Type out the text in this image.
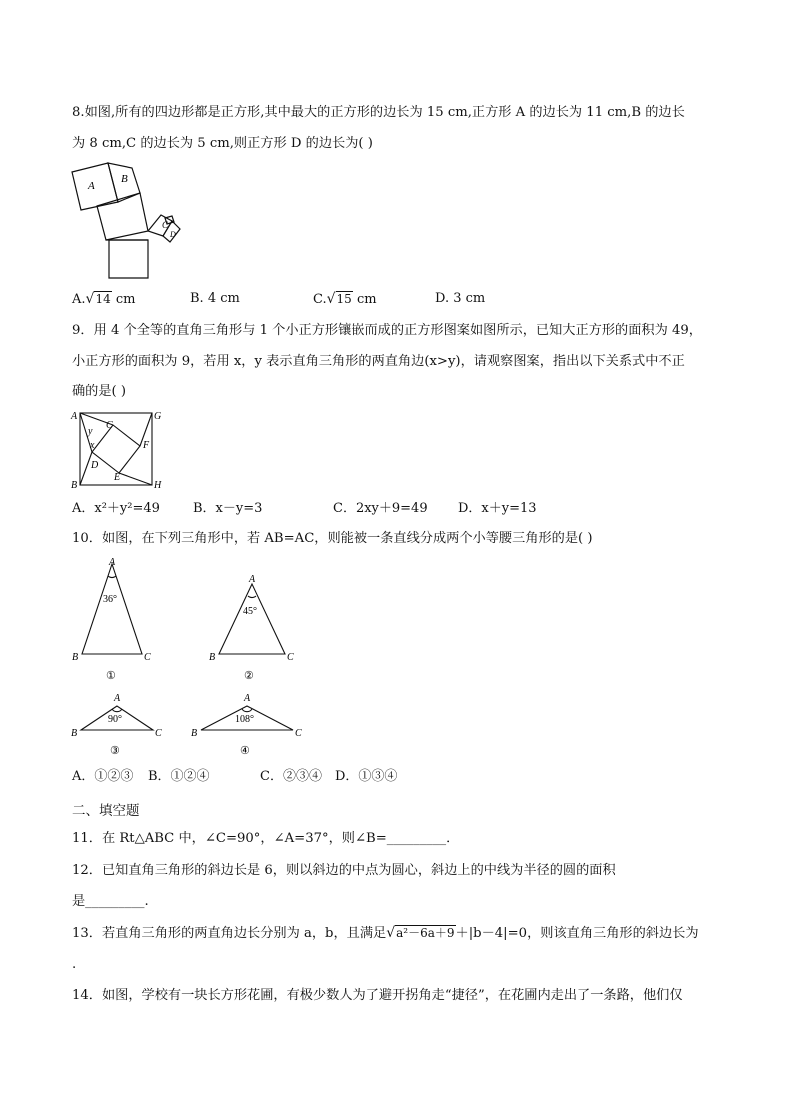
8.如图,所有的四边形都是正方形,其中最大的正方形的边长为 15 cm,正方形 A 的边长为 11 cm,B 的边长
为 8 cm,C 的边长为 5 cm,则正方形 D 的边长为( )
A
B
C
D
A.√14 cm	B. 4 cm	C.√15 cm	D. 3 cm
9．用 4 个全等的直角三角形与 1 个小正方形镶嵌而成的正方形图案如图所示，已知大正方形的面积为 49，
小正方形的面积为 9，若用 x，y 表示直角三角形的两直角边(x>y)，请观察图案，指出以下关系式中不正
确的是( )
A	G
B	H
C
F
D
E
y
x
A．x²＋y²=49	B．x－y=3	C．2xy＋9=49 D．x＋y=13
10．如图，在下列三角形中，若 AB=AC，则能被一条直线分成两个小等腰三角形的是( )
A
36°
B	C
①
A
45°
B	C
②
A
90°
B	C
③
A
108°
B	C
④
A．①②③ B．①②④	C．②③④ D．①③④
二、填空题
11．在 Rt△ABC 中，∠C=90°，∠A=37°，则∠B=_________．
12．已知直角三角形的斜边长是 6，则以斜边的中点为圆心，斜边上的中线为半径的圆的面积
是_________.
13．若直角三角形的两直角边长分别为 a，b，且满足√a²－6a＋9＋|b－4|=0，则该直角三角形的斜边长为
.
14．如图，学校有一块长方形花圃，有极少数人为了避开拐角走“捷径”，在花圃内走出了一条路，他们仅
